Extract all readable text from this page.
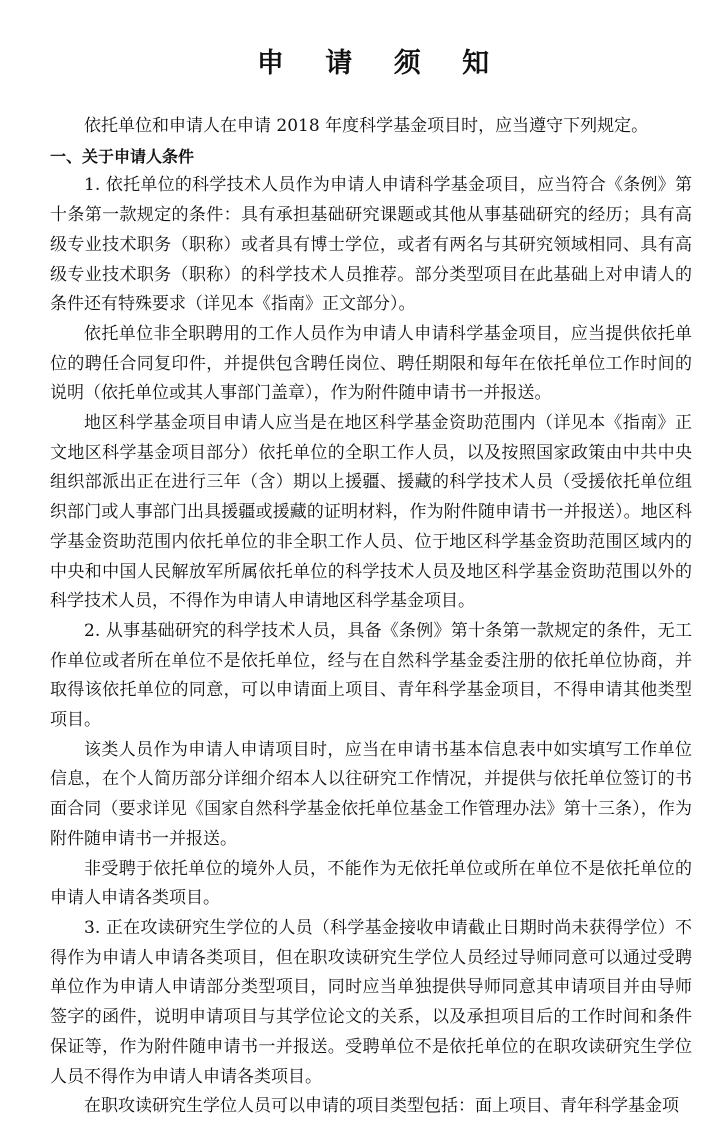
申 请 须 知

依托单位和申请人在申请 2018 年度科学基金项目时，应当遵守下列规定。

一、关于申请人条件

1. 依托单位的科学技术人员作为申请人申请科学基金项目，应当符合《条例》第十条第一款规定的条件：具有承担基础研究课题或其他从事基础研究的经历；具有高级专业技术职务（职称）或者具有博士学位，或者有两名与其研究领域相同、具有高级专业技术职务（职称）的科学技术人员推荐。部分类型项目在此基础上对申请人的条件还有特殊要求（详见本《指南》正文部分）。

依托单位非全职聘用的工作人员作为申请人申请科学基金项目，应当提供依托单位的聘任合同复印件，并提供包含聘任岗位、聘任期限和每年在依托单位工作时间的说明（依托单位或其人事部门盖章），作为附件随申请书一并报送。

地区科学基金项目申请人应当是在地区科学基金资助范围内（详见本《指南》正文地区科学基金项目部分）依托单位的全职工作人员，以及按照国家政策由中共中央组织部派出正在进行三年（含）期以上援疆、援藏的科学技术人员（受援依托单位组织部门或人事部门出具援疆或援藏的证明材料，作为附件随申请书一并报送）。地区科学基金资助范围内依托单位的非全职工作人员、位于地区科学基金资助范围区域内的中央和中国人民解放军所属依托单位的科学技术人员及地区科学基金资助范围以外的科学技术人员，不得作为申请人申请地区科学基金项目。

2. 从事基础研究的科学技术人员，具备《条例》第十条第一款规定的条件，无工作单位或者所在单位不是依托单位，经与在自然科学基金委注册的依托单位协商，并取得该依托单位的同意，可以申请面上项目、青年科学基金项目，不得申请其他类型项目。

该类人员作为申请人申请项目时，应当在申请书基本信息表中如实填写工作单位信息，在个人简历部分详细介绍本人以往研究工作情况，并提供与依托单位签订的书面合同（要求详见《国家自然科学基金依托单位基金工作管理办法》第十三条），作为附件随申请书一并报送。

非受聘于依托单位的境外人员，不能作为无依托单位或所在单位不是依托单位的申请人申请各类项目。

3. 正在攻读研究生学位的人员（科学基金接收申请截止日期时尚未获得学位）不得作为申请人申请各类项目，但在职攻读研究生学位人员经过导师同意可以通过受聘单位作为申请人申请部分类型项目，同时应当单独提供导师同意其申请项目并由导师签字的函件，说明申请项目与其学位论文的关系，以及承担项目后的工作时间和条件保证等，作为附件随申请书一并报送。受聘单位不是依托单位的在职攻读研究生学位人员不得作为申请人申请各类项目。

在职攻读研究生学位人员可以申请的项目类型包括：面上项目、青年科学基金项
